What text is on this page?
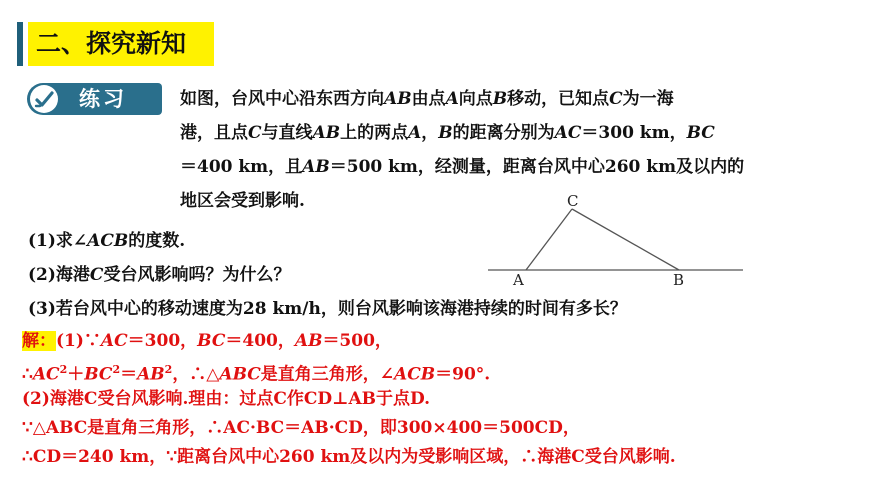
二、探究新知
练习	如图，台风中心沿东西方向AB由点A向点B移动，已知点C为一海
港，且点C与直线AB上的两点A，B的距离分别为AC＝300 km，BC
＝400 km，且AB＝500 km，经测量，距离台风中心260 km及以内的
地区会受到影响.	C
A	B
(1)求∠ACB的度数.
(2)海港C受台风影响吗？为什么？
(3)若台风中心的移动速度为28 km/h，则台风影响该海港持续的时间有多长？
解：(1)∵AC＝300，BC＝400，AB＝500，
$\therefore AC^2+BC^2=AB^2$，∴△ABC是直角三角形，∠ACB＝90°.
(2)海港C受台风影响.理由：过点C作CD⊥AB于点D.
∵△ABC是直角三角形，∴AC·BC＝AB·CD，即300×400＝500CD，
∴CD＝240 km，∵距离台风中心260 km及以内为受影响区域，∴海港C受台风影响.
